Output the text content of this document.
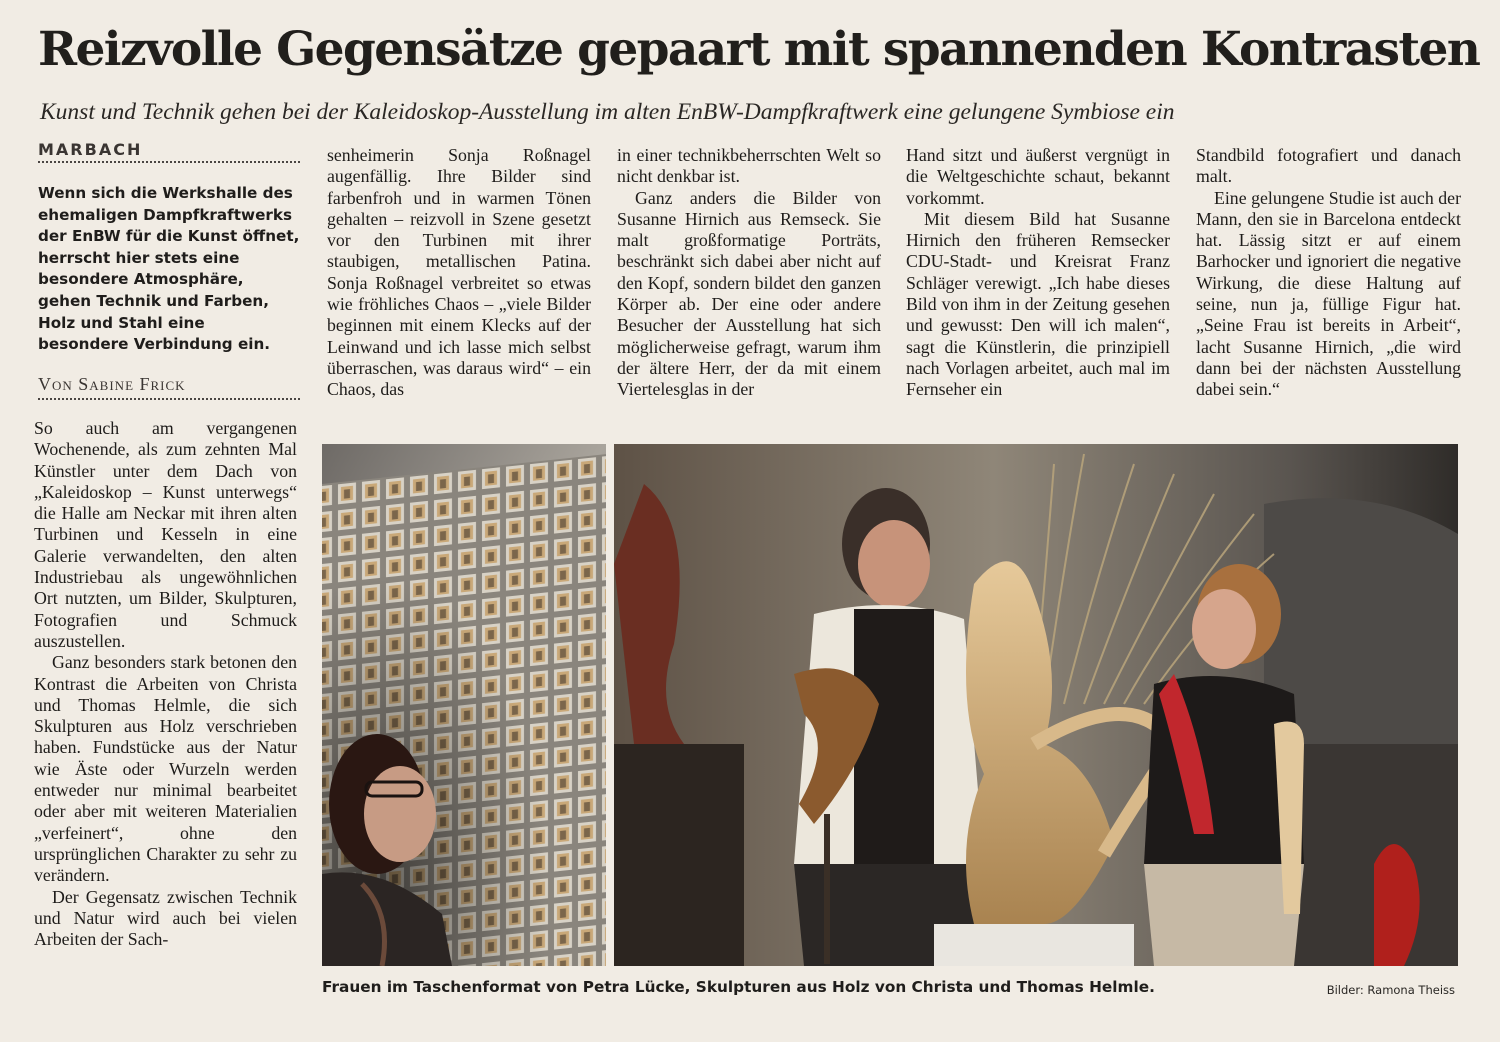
Reizvolle Gegensätze gepaart mit spannenden Kontrasten
Kunst und Technik gehen bei der Kaleidoskop-Ausstellung im alten EnBW-Dampfkraftwerk eine gelungene Symbiose ein
MARBACH
Wenn sich die Werkshalle des ehemaligen Dampfkraftwerks der EnBW für die Kunst öffnet, herrscht hier stets eine besondere Atmosphäre, gehen Technik und Farben, Holz und Stahl eine besondere Verbindung ein.
Von Sabine Frick

So auch am vergangenen Wochenende, als zum zehnten Mal Künstler unter dem Dach von „Kaleidoskop – Kunst unterwegs“ die Halle am Neckar mit ihren alten Turbinen und Kesseln in eine Galerie verwandelten, den alten Industriebau als ungewöhnlichen Ort nutzten, um Bilder, Skulpturen, Fotografien und Schmuck auszustellen.

Ganz besonders stark betonen den Kontrast die Arbeiten von Christa und Thomas Helmle, die sich Skulpturen aus Holz verschrieben haben. Fundstücke aus der Natur wie Äste oder Wurzeln werden entweder nur minimal bearbeitet oder aber mit weiteren Materialien „verfeinert“, ohne den ursprünglichen Charakter zu sehr zu verändern.

Der Gegensatz zwischen Technik und Natur wird auch bei vielen Arbeiten der Sach-

senheimerin Sonja Roßnagel augenfällig. Ihre Bilder sind farbenfroh und in warmen Tönen gehalten – reizvoll in Szene gesetzt vor den Turbinen mit ihrer staubigen, metallischen Patina. Sonja Roßnagel verbreitet so etwas wie fröhliches Chaos – „viele Bilder beginnen mit einem Klecks auf der Leinwand und ich lasse mich selbst überraschen, was daraus wird“ – ein Chaos, das

in einer technikbeherrschten Welt so nicht denkbar ist.

Ganz anders die Bilder von Susanne Hirnich aus Remseck. Sie malt großformatige Porträts, beschränkt sich dabei aber nicht auf den Kopf, sondern bildet den ganzen Körper ab. Der eine oder andere Besucher der Ausstellung hat sich möglicherweise gefragt, warum ihm der ältere Herr, der da mit einem Viertelesglas in der

Hand sitzt und äußerst vergnügt in die Weltgeschichte schaut, bekannt vorkommt.

Mit diesem Bild hat Susanne Hirnich den früheren Remsecker CDU-Stadt- und Kreisrat Franz Schläger verewigt. „Ich habe dieses Bild von ihm in der Zeitung gesehen und gewusst: Den will ich malen“, sagt die Künstlerin, die prinzipiell nach Vorlagen arbeitet, auch mal im Fernseher ein

Standbild fotografiert und danach malt.

Eine gelungene Studie ist auch der Mann, den sie in Barcelona entdeckt hat. Lässig sitzt er auf einem Barhocker und ignoriert die negative Wirkung, die diese Haltung auf seine, nun ja, füllige Figur hat. „Seine Frau ist bereits in Arbeit“, lacht Susanne Hirnich, „die wird dann bei der nächsten Ausstellung dabei sein.“

Frauen im Taschenformat von Petra Lücke, Skulpturen aus Holz von Christa und Thomas Helmle.	Bilder: Ramona Theiss
